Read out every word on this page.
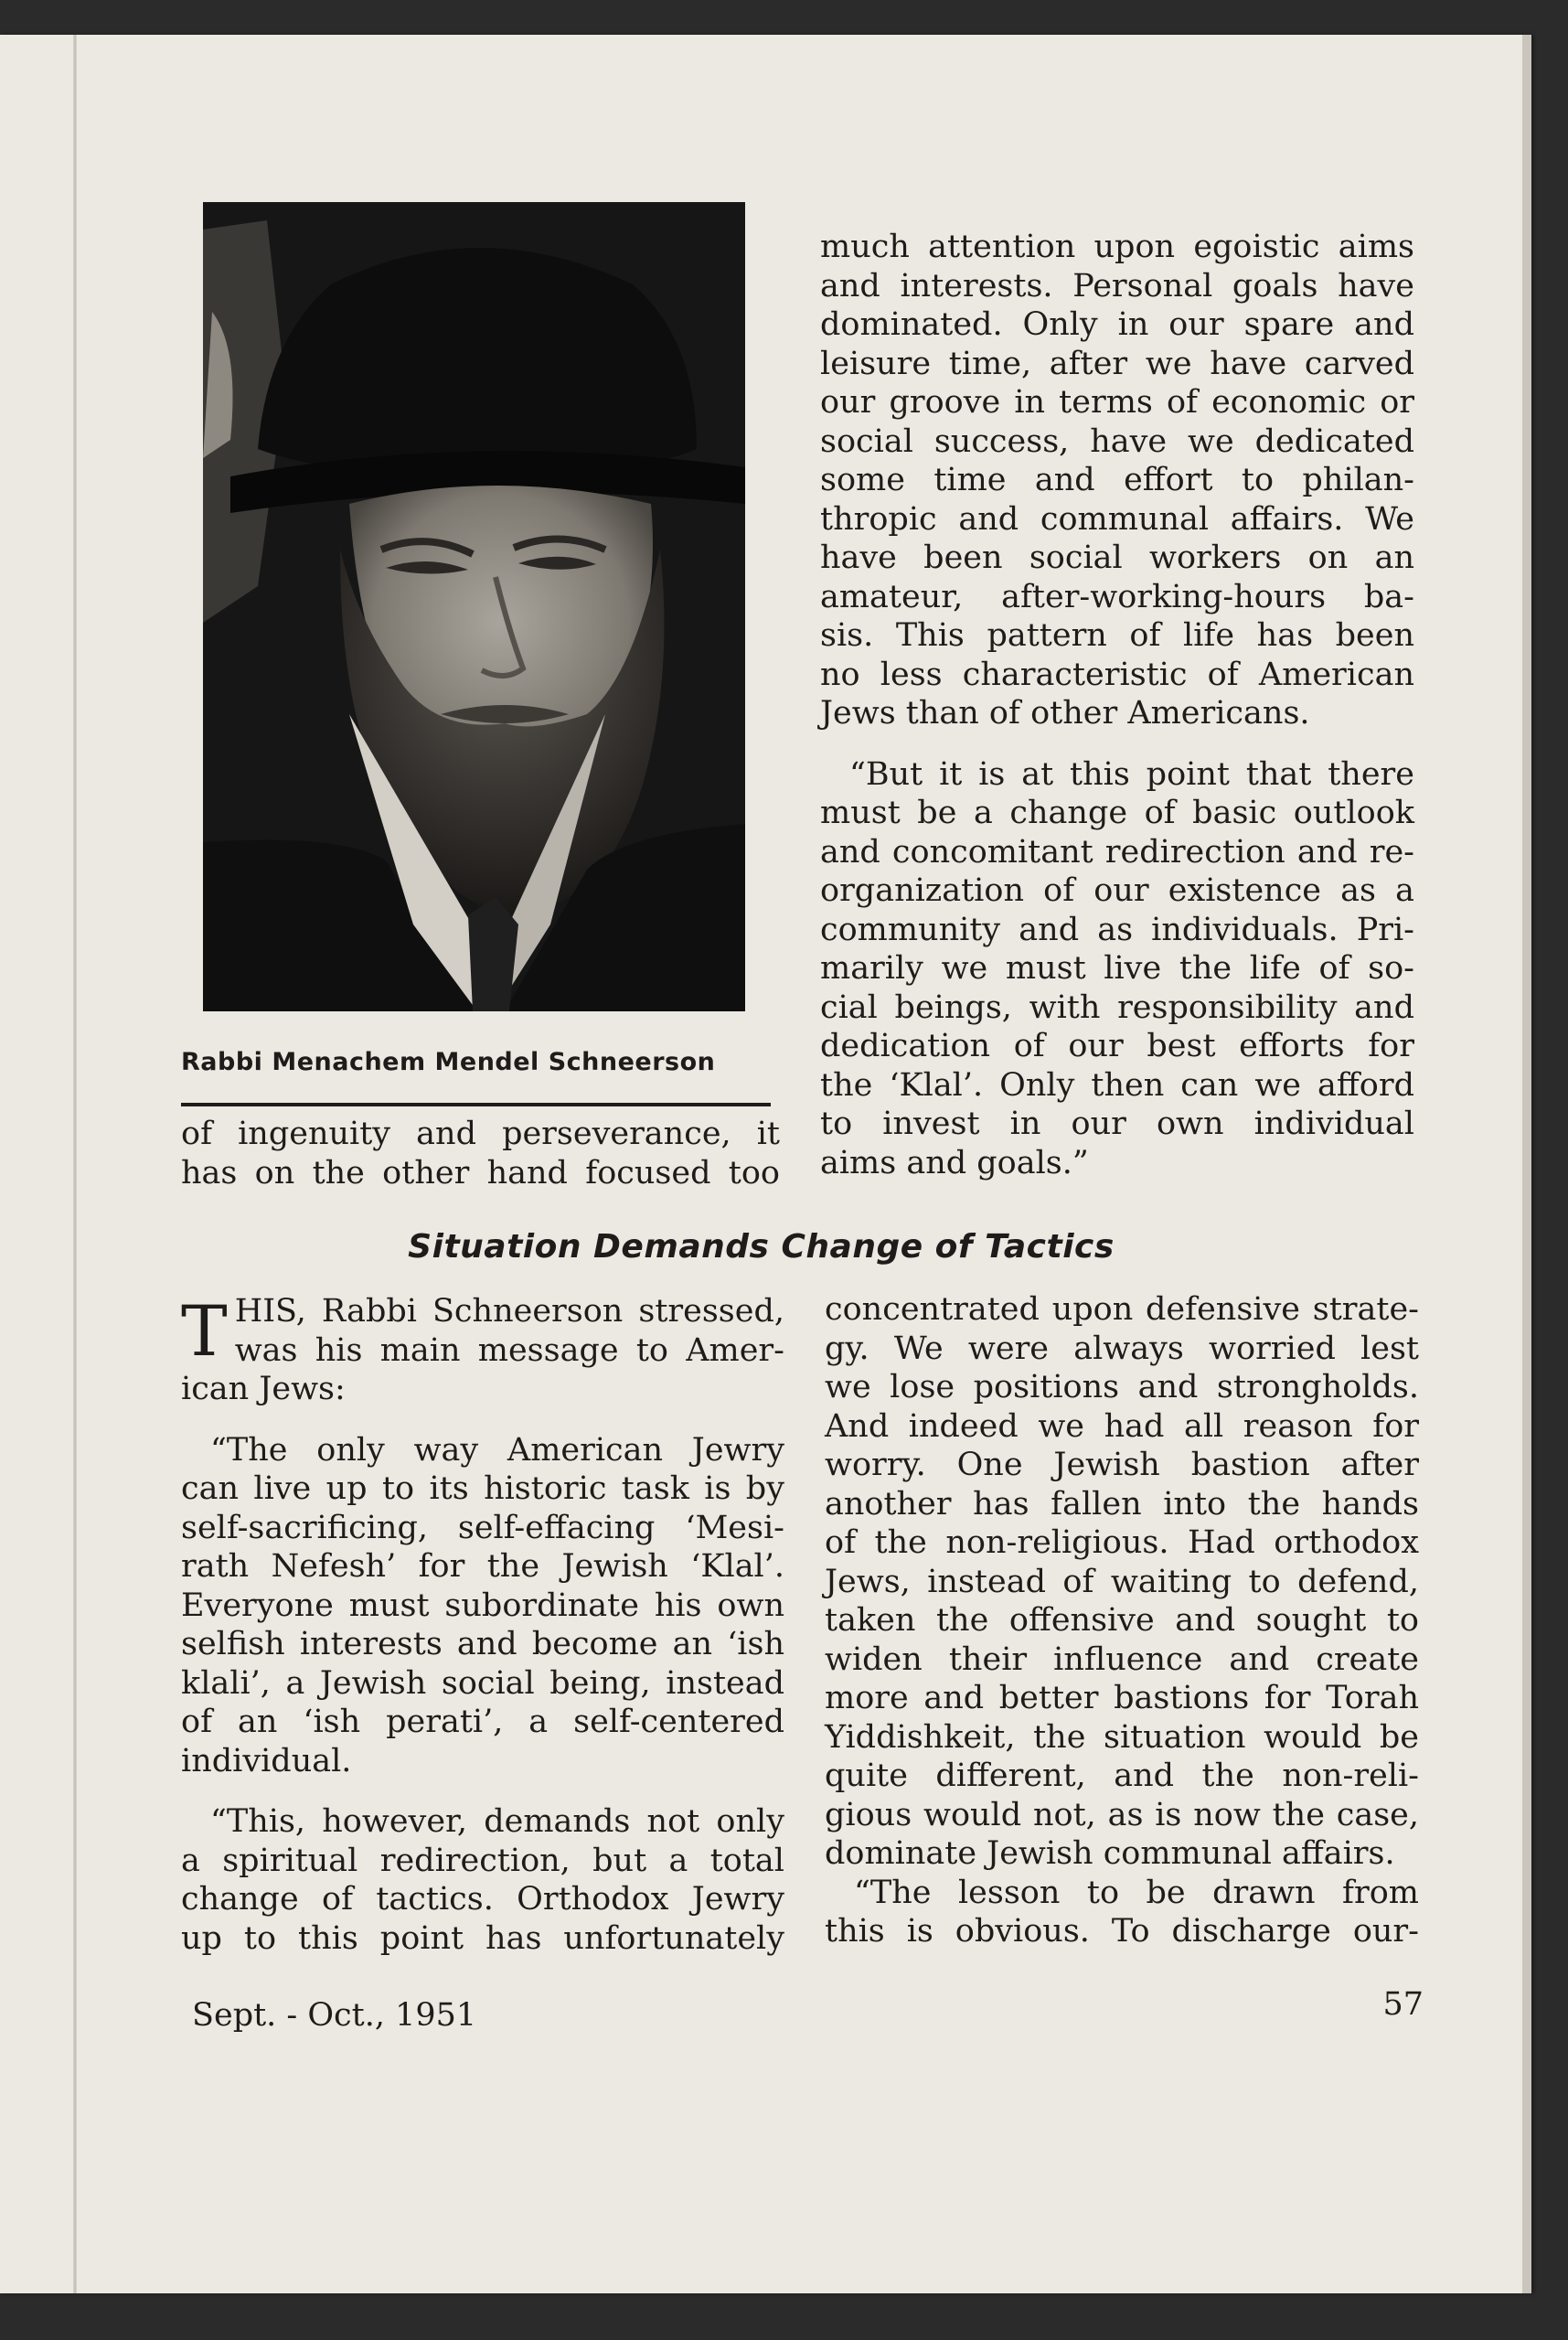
Rabbi Menachem Mendel Schneerson

of ingenuity and perseverance, it

has on the other hand focused too

much attention upon egoistic aims

and interests. Personal goals have

dominated. Only in our spare and

leisure time, after we have carved

our groove in terms of economic or

social success, have we dedicated

some time and effort to philan-

thropic and communal affairs. We

have been social workers on an

amateur, after-working-hours ba-

sis. This pattern of life has been

no less characteristic of American

Jews than of other Americans.

“But it is at this point that there

must be a change of basic outlook

and concomitant redirection and re-

organization of our existence as a

community and as individuals. Pri-

marily we must live the life of so-

cial beings, with responsibility and

dedication of our best efforts for

the ‘Klal’. Only then can we afford

to invest in our own individual

aims and goals.”

Situation Demands Change of Tactics
T HIS, Rabbi Schneerson stressed,

was his main message to Amer-

ican Jews:

“The only way American Jewry

can live up to its historic task is by

self-sacrificing, self-effacing ‘Mesi-

rath Nefesh’ for the Jewish ‘Klal’.

Everyone must subordinate his own

selfish interests and become an ‘ish

klali’, a Jewish social being, instead

of an ‘ish perati’, a self-centered

individual.

“This, however, demands not only

a spiritual redirection, but a total

change of tactics. Orthodox Jewry

up to this point has unfortunately

concentrated upon defensive strate-

gy. We were always worried lest

we lose positions and strongholds.

And indeed we had all reason for

worry. One Jewish bastion after

another has fallen into the hands

of the non-religious. Had orthodox

Jews, instead of waiting to defend,

taken the offensive and sought to

widen their influence and create

more and better bastions for Torah

Yiddishkeit, the situation would be

quite different, and the non-reli-

gious would not, as is now the case,

dominate Jewish communal affairs.

“The lesson to be drawn from

this is obvious. To discharge our-

Sept. - Oct., 1951	57
